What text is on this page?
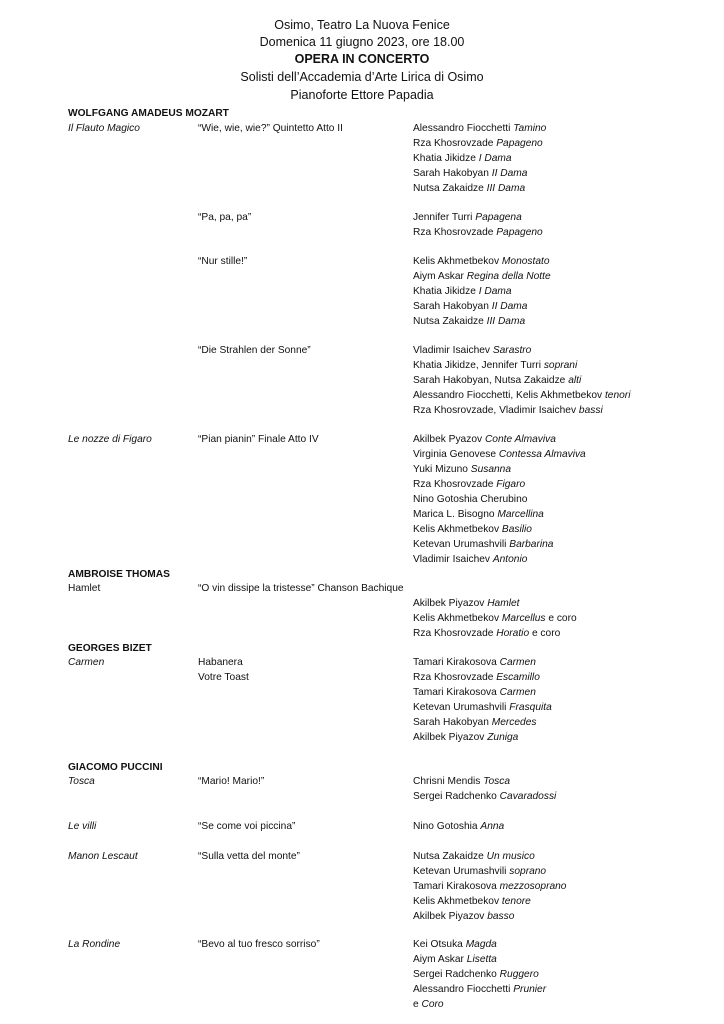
Osimo, Teatro La Nuova Fenice
Domenica 11 giugno 2023, ore 18.00
OPERA IN CONCERTO
Solisti dell’Accademia d’Arte Lirica di Osimo
Pianoforte Ettore Papadia
WOLFGANG AMADEUS MOZART
AMBROISE THOMAS
GEORGES BIZET
GIACOMO PUCCINI
Il Flauto Magico
Le nozze di Figaro
Hamlet
Carmen
Tosca
Le villi
Manon Lescaut
La Rondine
“Wie, wie, wie?” Quintetto Atto II
“Pa, pa, pa”
“Nur stille!”
“Die Strahlen der Sonne”
“Pian pianin” Finale Atto IV
“O vin dissipe la tristesse” Chanson Bachique
Habanera
Votre Toast
“Mario! Mario!”
“Se come voi piccina”
“Sulla vetta del monte”
“Bevo al tuo fresco sorriso”
Alessandro Fiocchetti Tamino
Rza Khosrovzade Papageno
Khatia Jikidze I Dama
Sarah Hakobyan II Dama
Nutsa Zakaidze III Dama
Jennifer Turri Papagena
Rza Khosrovzade Papageno
Kelis Akhmetbekov Monostato
Aiym Askar Regina della Notte
Khatia Jikidze I Dama
Sarah Hakobyan II Dama
Nutsa Zakaidze III Dama
Vladimir Isaichev Sarastro
Khatia Jikidze, Jennifer Turri soprani
Sarah Hakobyan, Nutsa Zakaidze alti
Alessandro Fiocchetti, Kelis Akhmetbekov tenori
Rza Khosrovzade, Vladimir Isaichev bassi
Akilbek Pyazov Conte Almaviva
Virginia Genovese Contessa Almaviva
Yuki Mizuno Susanna
Rza Khosrovzade Figaro
Nino Gotoshia Cherubino
Marica L. Bisogno Marcellina
Kelis Akhmetbekov Basilio
Ketevan Urumashvili Barbarina
Vladimir Isaichev Antonio
Akilbek Piyazov Hamlet
Kelis Akhmetbekov Marcellus e coro
Rza Khosrovzade Horatio e coro
Tamari Kirakosova Carmen
Rza Khosrovzade Escamillo
Tamari Kirakosova Carmen
Ketevan Urumashvili Frasquita
Sarah Hakobyan Mercedes
Akilbek Piyazov Zuniga
Chrisni Mendis Tosca
Sergei Radchenko Cavaradossi
Nino Gotoshia Anna
Nutsa Zakaidze Un musico
Ketevan Urumashvili soprano
Tamari Kirakosova mezzosoprano
Kelis Akhmetbekov tenore
Akilbek Piyazov basso
Kei Otsuka Magda
Aiym Askar Lisetta
Sergei Radchenko Ruggero
Alessandro Fiocchetti Prunier
e Coro
